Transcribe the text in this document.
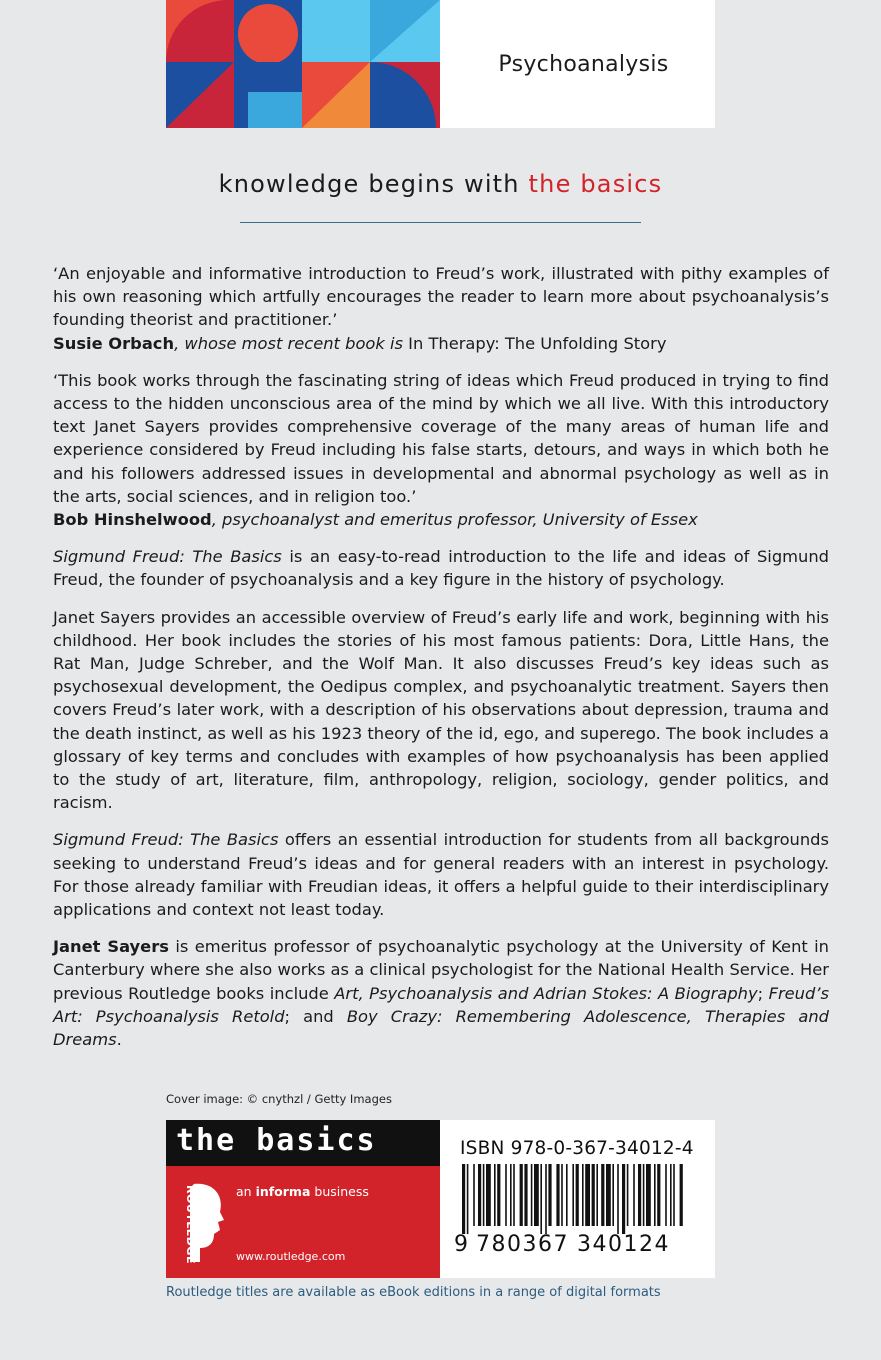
Psychoanalysis
knowledge begins with the basics

‘An enjoyable and informative introduction to Freud’s work, illustrated with pithy examples of his own reasoning which artfully encourages the reader to learn more about psychoanalysis’s founding theorist and practitioner.’
Susie Orbach, whose most recent book is In Therapy: The Unfolding Story

‘This book works through the fascinating string of ideas which Freud produced in trying to find access to the hidden unconscious area of the mind by which we all live. With this introductory text Janet Sayers provides comprehensive coverage of the many areas of human life and experience considered by Freud including his false starts, detours, and ways in which both he and his followers addressed issues in developmental and abnormal psychology as well as in the arts, social sciences, and in religion too.’
Bob Hinshelwood, psychoanalyst and emeritus professor, University of Essex

Sigmund Freud: The Basics is an easy-to-read introduction to the life and ideas of Sigmund Freud, the founder of psychoanalysis and a key figure in the history of psychology.

Janet Sayers provides an accessible overview of Freud’s early life and work, beginning with his childhood. Her book includes the stories of his most famous patients: Dora, Little Hans, the Rat Man, Judge Schreber, and the Wolf Man. It also discusses Freud’s key ideas such as psychosexual development, the Oedipus complex, and psychoanalytic treatment. Sayers then covers Freud’s later work, with a description of his observations about depression, trauma and the death instinct, as well as his 1923 theory of the id, ego, and superego. The book includes a glossary of key terms and concludes with examples of how psychoanalysis has been applied to the study of art, literature, film, anthropology, religion, sociology, gender politics, and racism.

Sigmund Freud: The Basics offers an essential introduction for students from all backgrounds seeking to understand Freud’s ideas and for general readers with an interest in psychology. For those already familiar with Freudian ideas, it offers a helpful guide to their interdisciplinary applications and context not least today.

Janet Sayers is emeritus professor of psychoanalytic psychology at the University of Kent in Canterbury where she also works as a clinical psychologist for the National Health Service. Her previous Routledge books include Art, Psychoanalysis and Adrian Stokes: A Biography; Freud’s Art: Psychoanalysis Retold; and Boy Crazy: Remembering Adolescence, Therapies and Dreams.

Cover image: © cnythzl / Getty Images
the basics
ROUTLEDGE	an informa business
www.routledge.com
ISBN 978-0-367-34012-4
9 780367 340124
Routledge titles are available as eBook editions in a range of digital formats
